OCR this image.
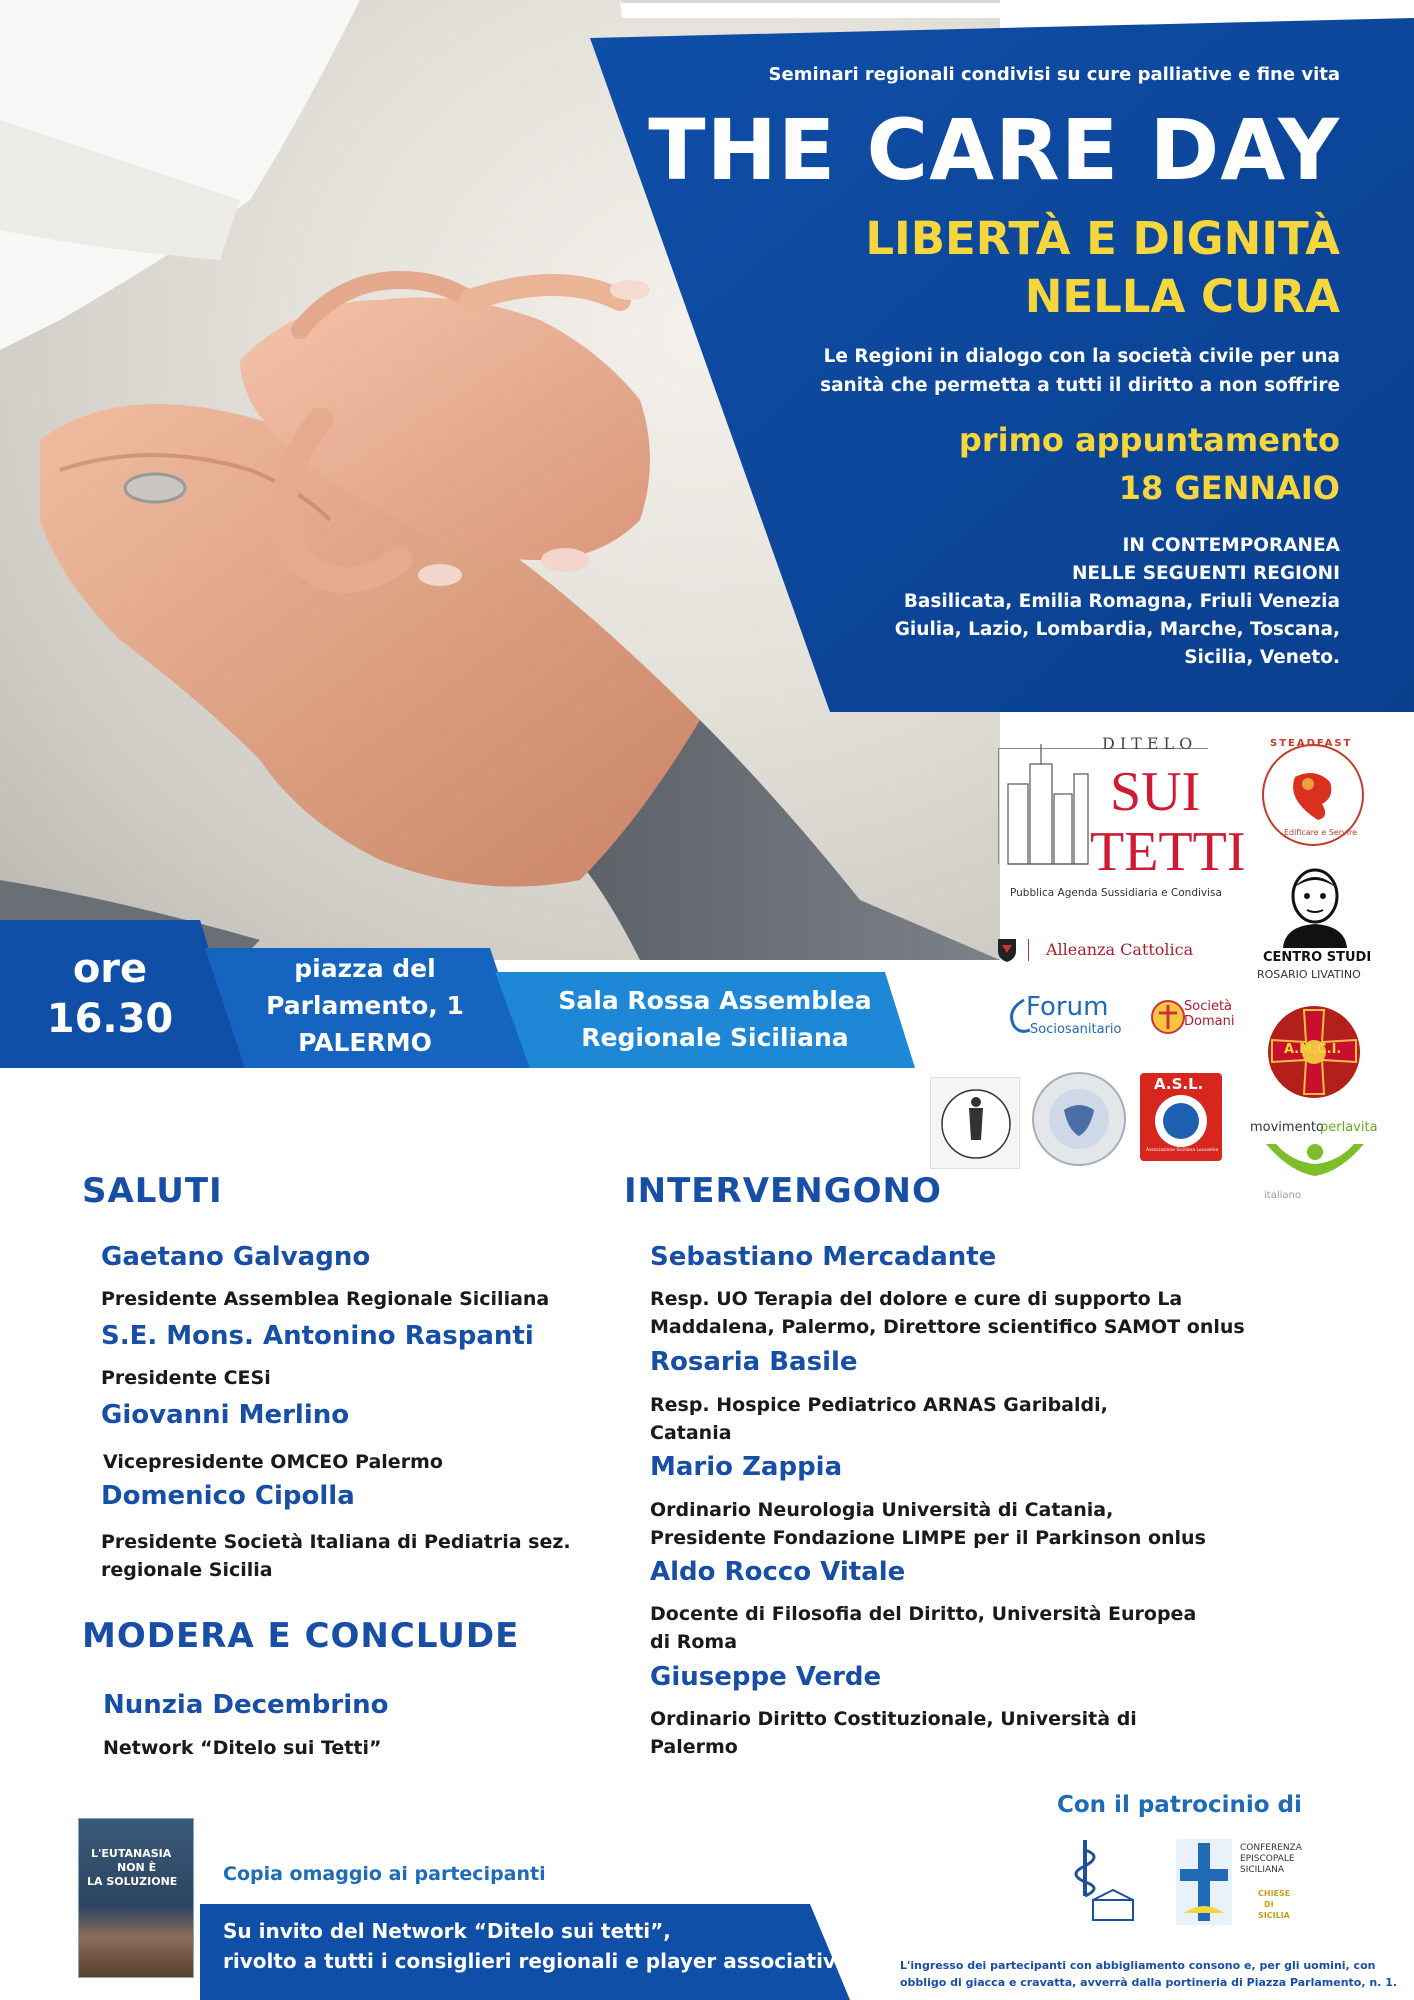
Seminari regionali condivisi su cure palliative e fine vita
THE CARE DAY
LIBERTÀ E DIGNITÀ
NELLA CURA
Le Regioni in dialogo con la società civile per una
sanità che permetta a tutti il diritto a non soffrire
primo appuntamento
18 GENNAIO
IN CONTEMPORANEA
NELLE SEGUENTI REGIONI
Basilicata, Emilia Romagna, Friuli Venezia
Giulia, Lazio, Lombardia, Marche, Toscana,
Sicilia, Veneto.
ore
16.30
piazza del
Parlamento, 1
PALERMO
Sala Rossa Assemblea
Regionale Siciliana
DITELO
SUI
TETTI
Pubblica Agenda Sussidiaria e Condivisa
STEADFAST
Edificare e Servire
Alleanza Cattolica	CENTRO STUDI
ROSARIO LIVATINO
Forum
Sociosanitario
Società Domani
A.M.C.I.
A.S.L.
Associazione Siciliana Leucemia
movimento
perlavita
italiano
SALUTI
Gaetano Galvagno
Presidente Assemblea Regionale Siciliana
S.E. Mons. Antonino Raspanti
Presidente CESi
Giovanni Merlino
Vicepresidente OMCEO Palermo
Domenico Cipolla
Presidente Società Italiana di Pediatria sez.
regionale Sicilia
MODERA E CONCLUDE
Nunzia Decembrino
Network “Ditelo sui Tetti”
INTERVENGONO
Sebastiano Mercadante
Resp. UO Terapia del dolore e cure di supporto La
Maddalena, Palermo, Direttore scientifico SAMOT onlus
Rosaria Basile
Resp. Hospice Pediatrico ARNAS Garibaldi,
Catania
Mario Zappia
Ordinario Neurologia Università di Catania,
Presidente Fondazione LIMPE per il Parkinson onlus
Aldo Rocco Vitale
Docente di Filosofia del Diritto, Università Europea
di Roma
Giuseppe Verde
Ordinario Diritto Costituzionale, Università di
Palermo
Con il patrocinio di
CONFERENZA
EPISCOPALE
SICILIANA
CHIESE
DI
SICILIA
L'EUTANASIA
NON È
LA SOLUZIONE Copia omaggio ai partecipanti
Su invito del Network “Ditelo sui tetti”,
rivolto a tutti i consiglieri regionali e player associativi	L'ingresso dei partecipanti con abbigliamento consono e, per gli uomini, con
obbligo di giacca e cravatta, avverrà dalla portineria di Piazza Parlamento, n. 1.
